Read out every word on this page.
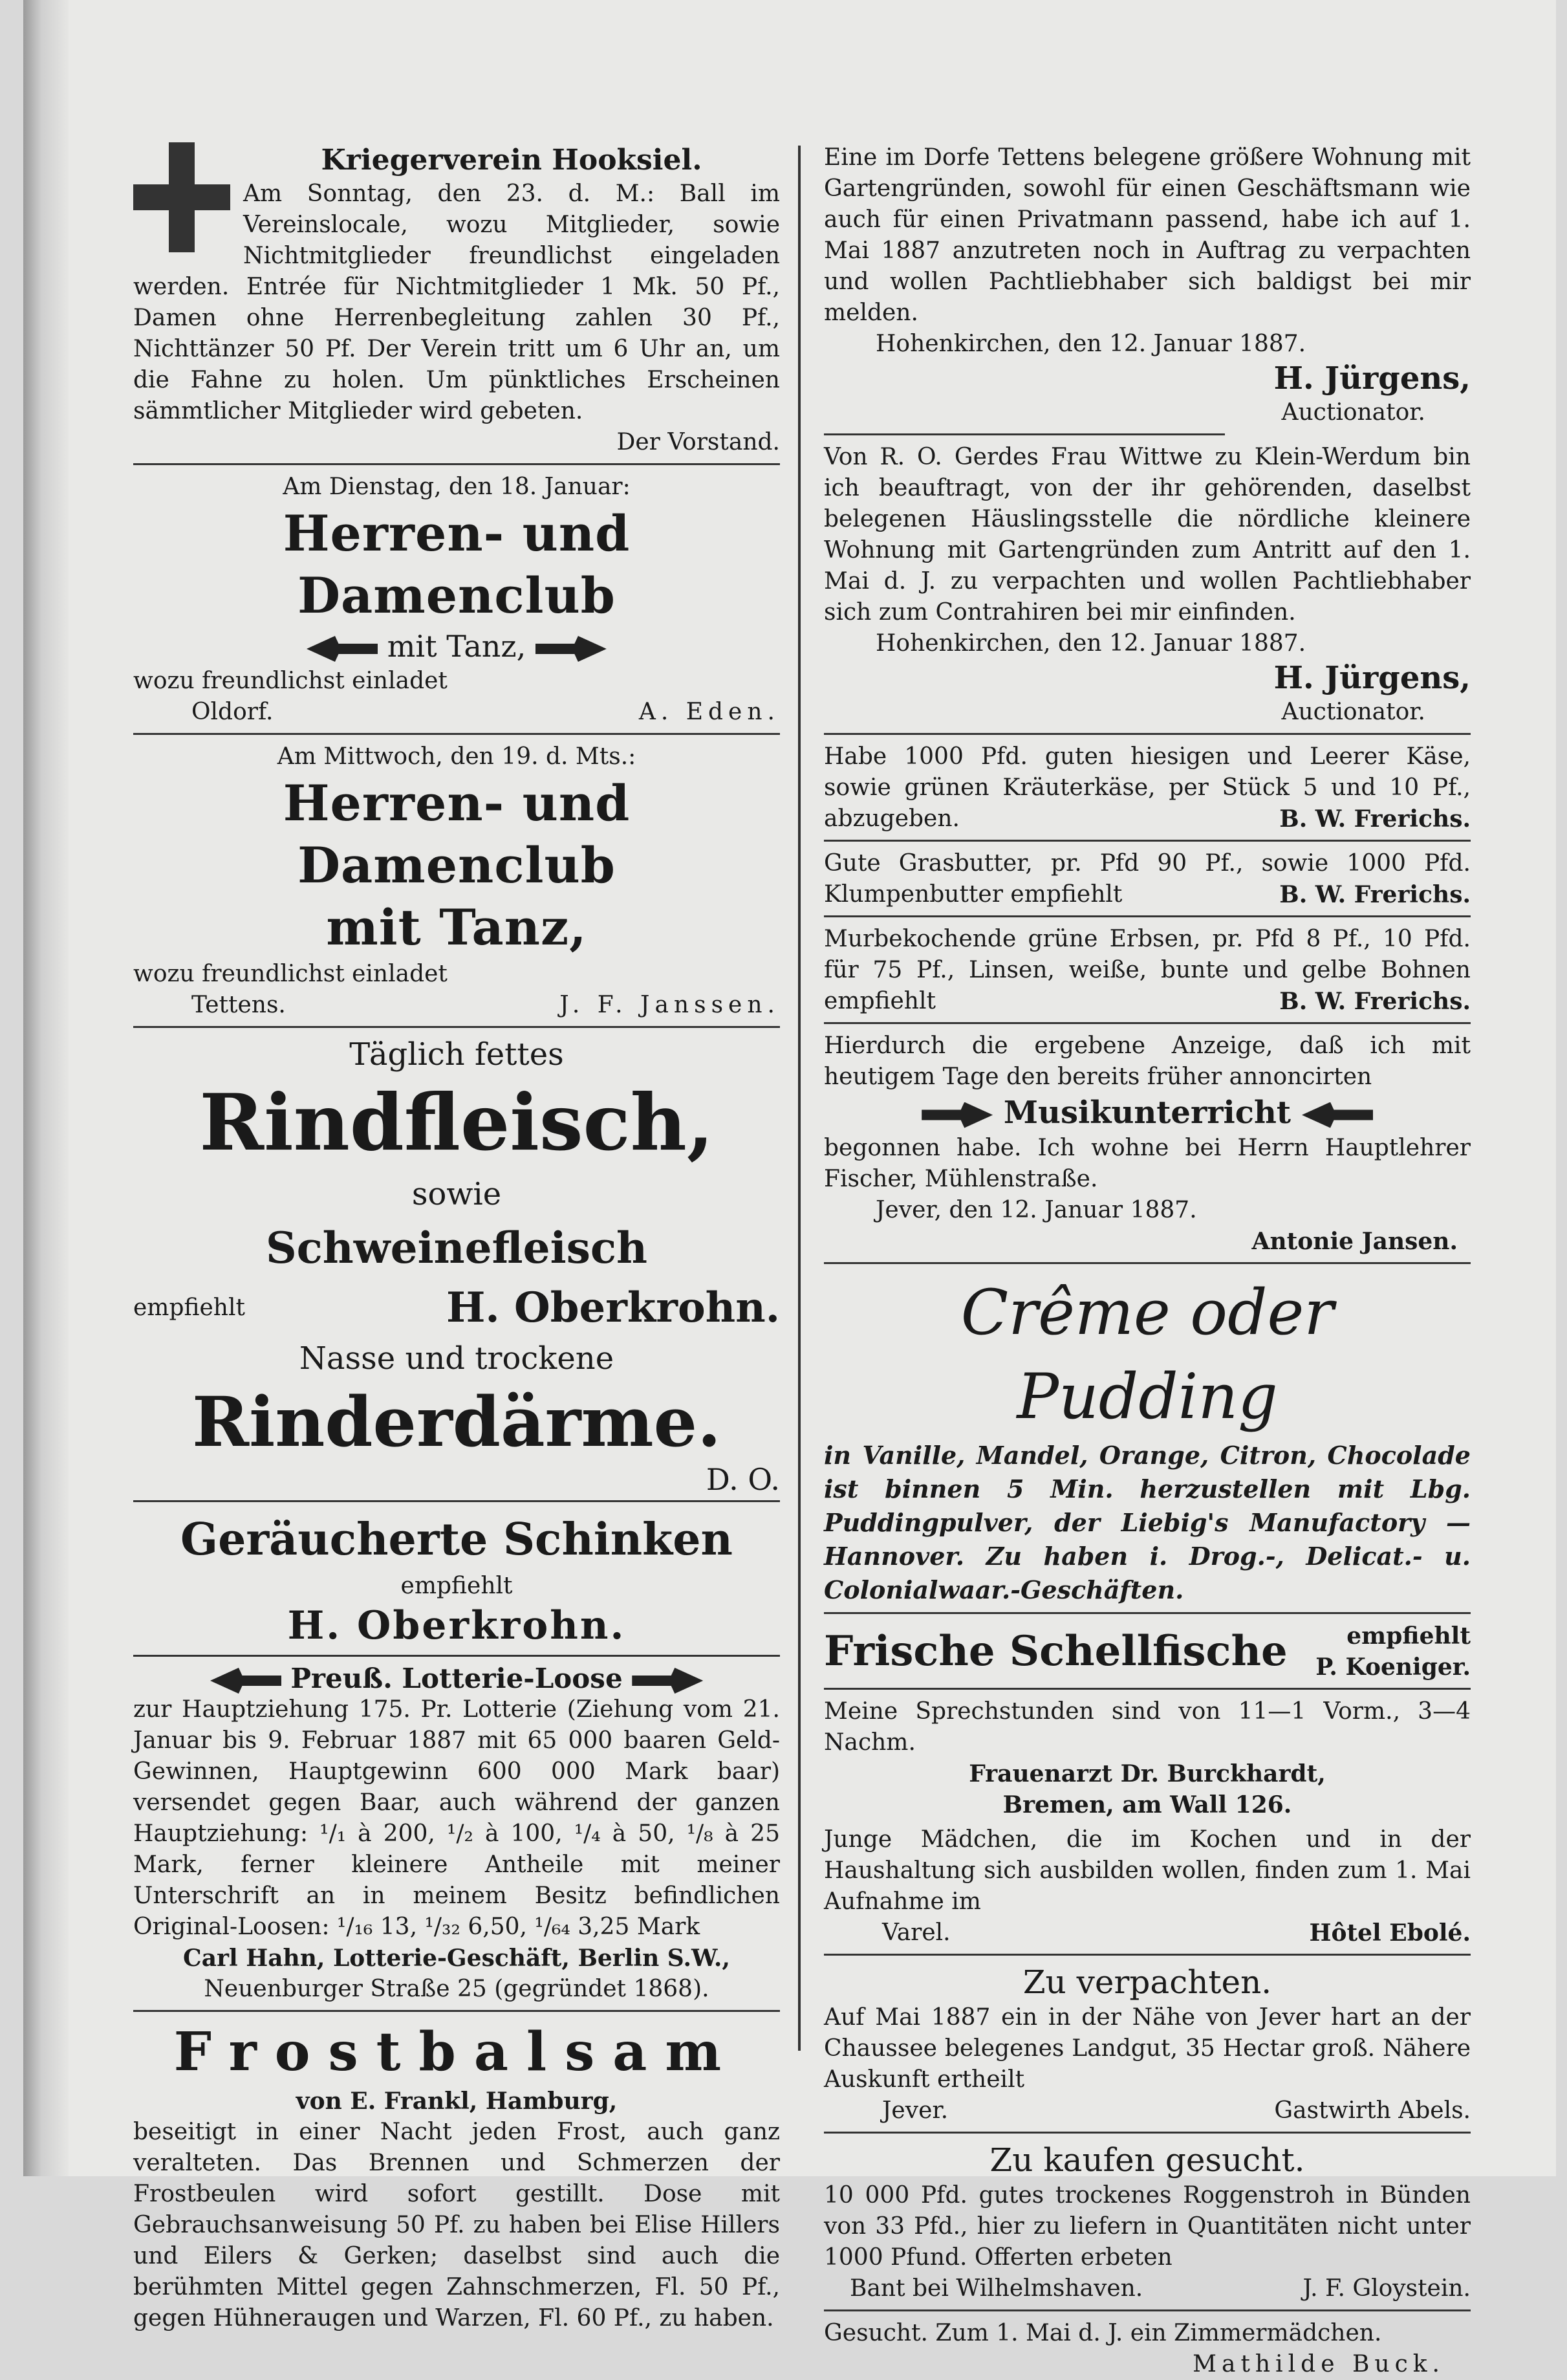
Kriegerverein Hooksiel.

Am Sonntag, den 23. d. M.: Ball im Vereinslocale, wozu Mitglieder, sowie Nichtmitglieder freundlichst eingeladen werden. Entrée für Nichtmitglieder 1 Mk. 50 Pf., Damen ohne Herrenbegleitung zahlen 30 Pf., Nichttänzer 50 Pf. Der Verein tritt um 6 Uhr an, um die Fahne zu holen. Um pünktliches Erscheinen sämmtlicher Mitglieder wird gebeten.

Der Vorstand.

Am Dienstag, den 18. Januar:

Herren- und Damenclub

mit Tanz,

wozu freundlichst einladet

Oldorf.	A. Eden.

Am Mittwoch, den 19. d. Mts.:

Herren- und Damenclub

mit Tanz,

wozu freundlichst einladet

Tettens.	J. F. Janssen.

Täglich fettes

Rindfleisch,

sowie

Schweinefleisch

empfiehlt	H. Oberkrohn.

Nasse und trockene

Rinderdärme.

D. O.

Geräucherte Schinken

empfiehlt

H. Oberkrohn.

Preuß. Lotterie-Loose

zur Hauptziehung 175. Pr. Lotterie (Ziehung vom 21. Januar bis 9. Februar 1887 mit 65 000 baaren Geld-Gewinnen, Hauptgewinn 600 000 Mark baar) versendet gegen Baar, auch während der ganzen Hauptziehung: ¹/₁ à 200, ¹/₂ à 100, ¹/₄ à 50, ¹/₈ à 25 Mark, ferner kleinere Antheile mit meiner Unterschrift an in meinem Besitz befindlichen Original-Loosen: ¹/₁₆ 13, ¹/₃₂ 6,50, ¹/₆₄ 3,25 Mark

Carl Hahn, Lotterie-Geschäft, Berlin S.W.,

Neuenburger Straße 25 (gegründet 1868).

Frostbalsam

von E. Frankl, Hamburg,

beseitigt in einer Nacht jeden Frost, auch ganz veralteten. Das Brennen und Schmerzen der Frostbeulen wird sofort gestillt. Dose mit Gebrauchsanweisung 50 Pf. zu haben bei Elise Hillers und Eilers & Gerken; daselbst sind auch die berühmten Mittel gegen Zahnschmerzen, Fl. 50 Pf., gegen Hühneraugen und Warzen, Fl. 60 Pf., zu haben.

Eine im Dorfe Tettens belegene größere Wohnung mit Gartengründen, sowohl für einen Geschäftsmann wie auch für einen Privatmann passend, habe ich auf 1. Mai 1887 anzutreten noch in Auftrag zu verpachten und wollen Pachtliebhaber sich baldigst bei mir melden.

Hohenkirchen, den 12. Januar 1887.

H. Jürgens,

Auctionator.

Von R. O. Gerdes Frau Wittwe zu Klein-Werdum bin ich beauftragt, von der ihr gehörenden, daselbst belegenen Häuslingsstelle die nördliche kleinere Wohnung mit Gartengründen zum Antritt auf den 1. Mai d. J. zu verpachten und wollen Pachtliebhaber sich zum Contrahiren bei mir einfinden.

Hohenkirchen, den 12. Januar 1887.

H. Jürgens,

Auctionator.

Habe 1000 Pfd. guten hiesigen und Leerer Käse, sowie grünen Kräuterkäse, per Stück 5 und 10 Pf., abzugeben.	B. W. Frerichs.

Gute Grasbutter, pr. Pfd 90 Pf., sowie 1000 Pfd. Klumpenbutter empfiehlt	B. W. Frerichs.

Murbekochende grüne Erbsen, pr. Pfd 8 Pf., 10 Pfd. für 75 Pf., Linsen, weiße, bunte und gelbe Bohnen empfiehlt	B. W. Frerichs.

Hierdurch die ergebene Anzeige, daß ich mit heutigem Tage den bereits früher annoncirten

Musikunterricht

begonnen habe. Ich wohne bei Herrn Hauptlehrer Fischer, Mühlenstraße.

Jever, den 12. Januar 1887.

Antonie Jansen.

Crême oder Pudding

in Vanille, Mandel, Orange, Citron, Chocolade ist binnen 5 Min. herzustellen mit Lbg. Puddingpulver, der Liebig's Manufactory — Hannover. Zu haben i. Drog.-, Delicat.- u. Colonialwaar.-Geschäften.

Frische Schellfische	empfiehlt
P. Koeniger.

Meine Sprechstunden sind von 11—1 Vorm., 3—4 Nachm.

Frauenarzt Dr. Burckhardt,

Bremen, am Wall 126.

Junge Mädchen, die im Kochen und in der Haushaltung sich ausbilden wollen, finden zum 1. Mai Aufnahme im

Varel.	Hôtel Ebolé.

Zu verpachten.

Auf Mai 1887 ein in der Nähe von Jever hart an der Chaussee belegenes Landgut, 35 Hectar groß. Nähere Auskunft ertheilt

Jever.	Gastwirth Abels.

Zu kaufen gesucht.

10 000 Pfd. gutes trockenes Roggenstroh in Bünden von 33 Pfd., hier zu liefern in Quantitäten nicht unter 1000 Pfund. Offerten erbeten

Bant bei Wilhelmshaven.	J. F. Gloystein.

Gesucht. Zum 1. Mai d. J. ein Zimmermädchen.

Mathilde Buck.
